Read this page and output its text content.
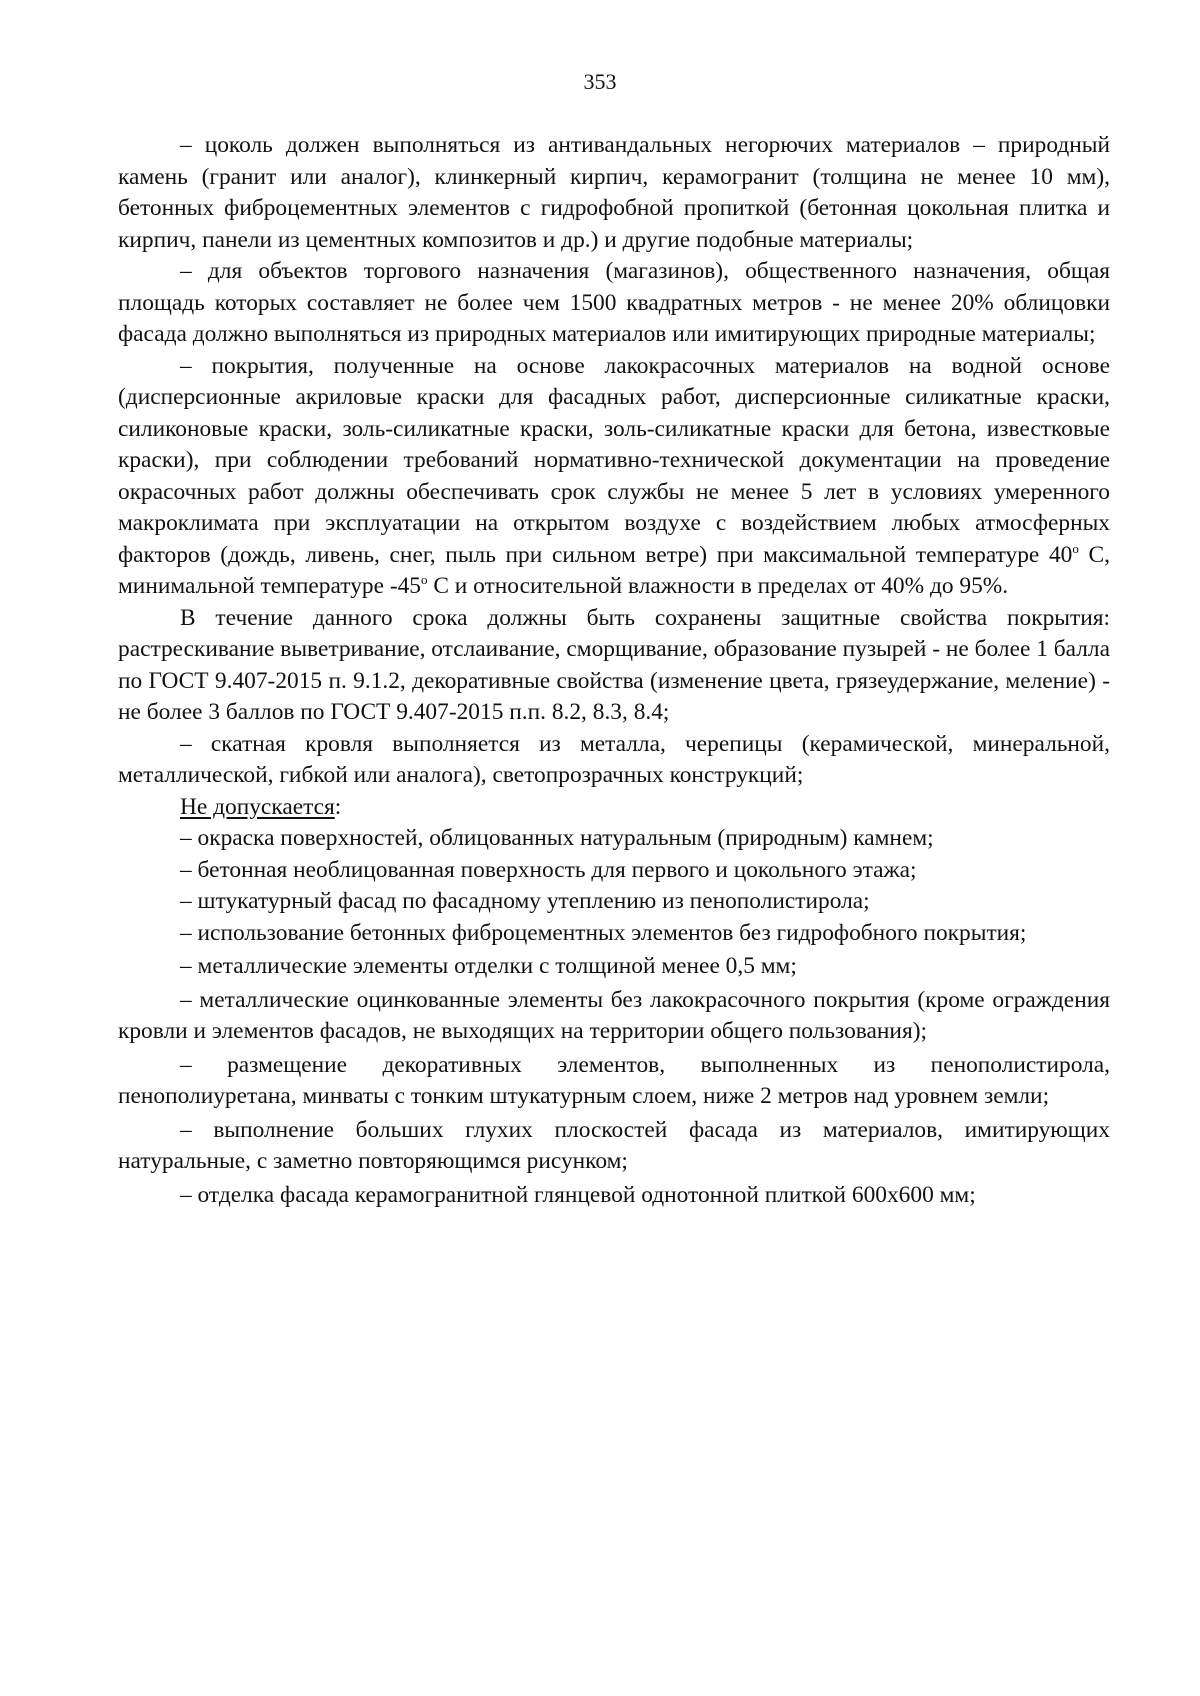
353

– цоколь должен выполняться из антивандальных негорючих материалов – природный камень (гранит или аналог), клинкерный кирпич, керамогранит (толщина не менее 10 мм), бетонных фиброцементных элементов с гидрофобной пропиткой (бетонная цокольная плитка и кирпич, панели из цементных композитов и др.) и другие подобные материалы;

– для объектов торгового назначения (магазинов), общественного назначения, общая площадь которых составляет не более чем 1500 квадратных метров - не менее 20% облицовки фасада должно выполняться из природных материалов или имитирующих природные материалы;

– покрытия, полученные на основе лакокрасочных материалов на водной основе (дисперсионные акриловые краски для фасадных работ, дисперсионные силикатные краски, силиконовые краски, золь-силикатные краски, золь-силикатные краски для бетона, известковые краски), при соблюдении требований нормативно-технической документации на проведение окрасочных работ должны обеспечивать срок службы не менее 5 лет в условиях умеренного макроклимата при эксплуатации на открытом воздухе с воздействием любых атмосферных факторов (дождь, ливень, снег, пыль при сильном ветре) при максимальной температуре 40$^o$ С, минимальной температуре -45$^o$ С и относительной влажности в пределах от 40% до 95%.

В течение данного срока должны быть сохранены защитные свойства покрытия: растрескивание выветривание, отслаивание, сморщивание, образование пузырей - не более 1 балла по ГОСТ 9.407-2015 п. 9.1.2, декоративные свойства (изменение цвета, грязеудержание, меление) - не более 3 баллов по ГОСТ 9.407-2015 п.п. 8.2, 8.3, 8.4;

– скатная кровля выполняется из металла, черепицы (керамической, минеральной, металлической, гибкой или аналога), светопрозрачных конструкций;

Не допускается:

– окраска поверхностей, облицованных натуральным (природным) камнем;

– бетонная необлицованная поверхность для первого и цокольного этажа;

– штукатурный фасад по фасадному утеплению из пенополистирола;

– использование бетонных фиброцементных элементов без гидрофобного покрытия;

– металлические элементы отделки с толщиной менее 0,5 мм;

– металлические оцинкованные элементы без лакокрасочного покрытия (кроме ограждения кровли и элементов фасадов, не выходящих на территории общего пользования);

– размещение декоративных элементов, выполненных из пенополистирола, пенополиуретана, минваты с тонким штукатурным слоем, ниже 2 метров над уровнем земли;

– выполнение больших глухих плоскостей фасада из материалов, имитирующих натуральные, с заметно повторяющимся рисунком;

– отделка фасада керамогранитной глянцевой однотонной плиткой 600х600 мм;
